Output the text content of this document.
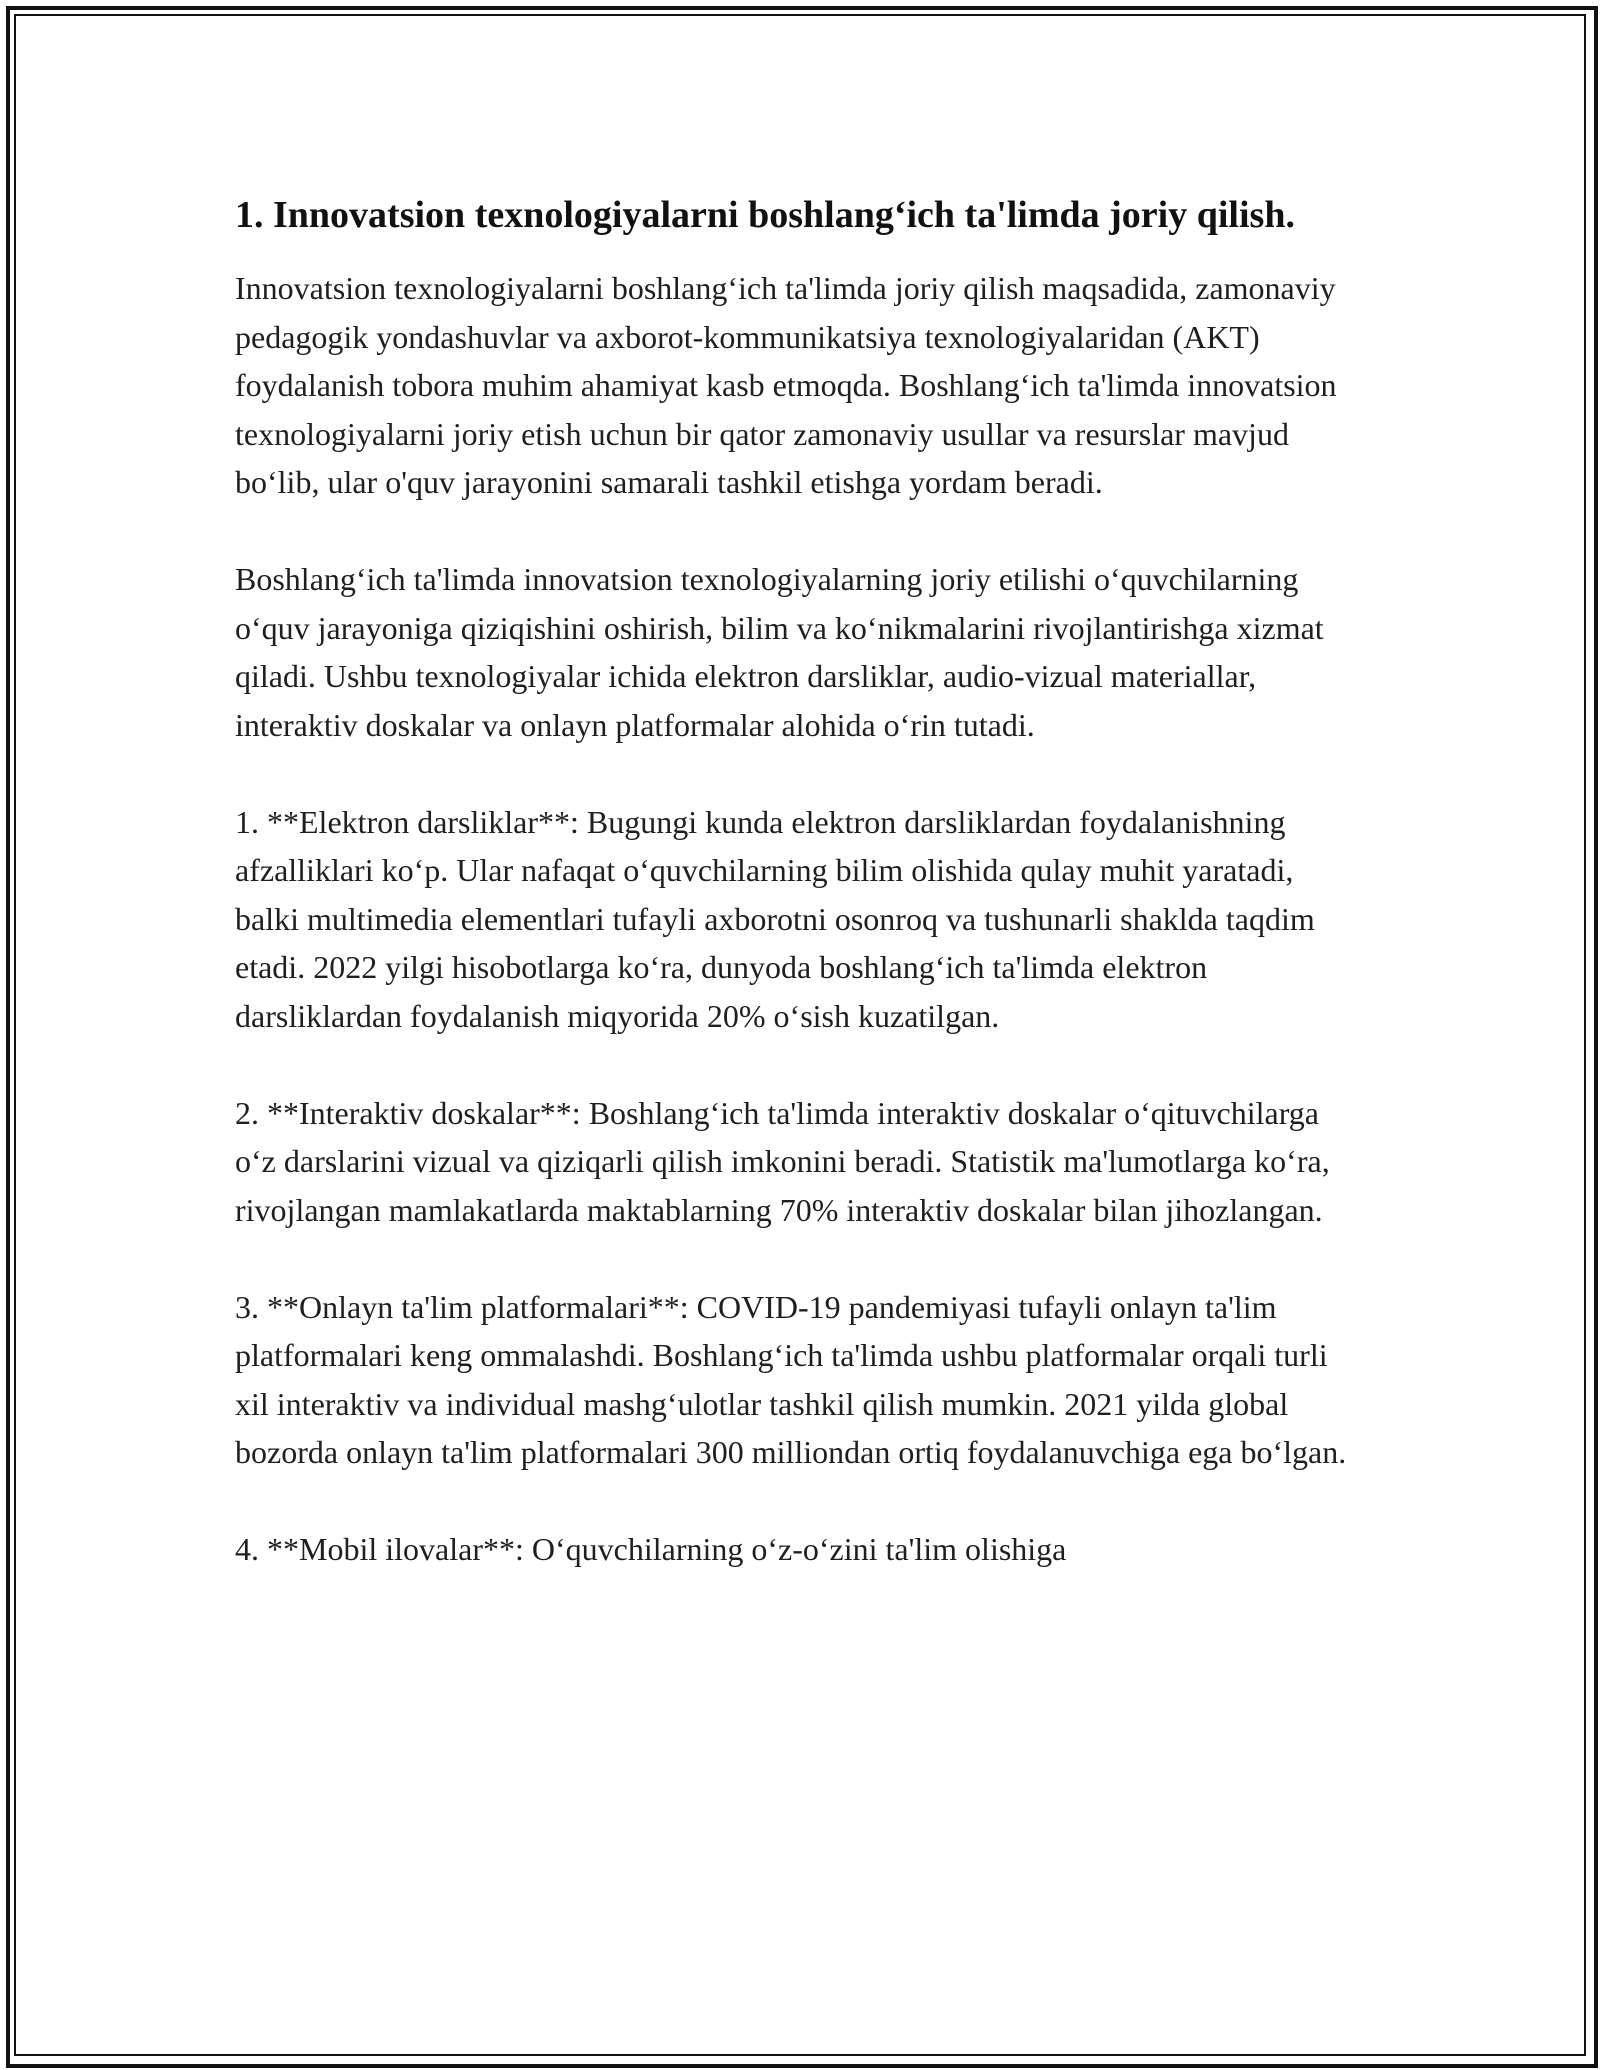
1. Innovatsion texnologiyalarni boshlang‘ich ta'limda joriy qilish.

Innovatsion texnologiyalarni boshlang‘ich ta'limda joriy qilish maqsadida, zamonaviy pedagogik yondashuvlar va axborot-kommunikatsiya texnologiyalaridan (AKT) foydalanish tobora muhim ahamiyat kasb etmoqda. Boshlang‘ich ta'limda innovatsion texnologiyalarni joriy etish uchun bir qator zamonaviy usullar va resurslar mavjud bo‘lib, ular o'quv jarayonini samarali tashkil etishga yordam beradi.

Boshlang‘ich ta'limda innovatsion texnologiyalarning joriy etilishi o‘quvchilarning o‘quv jarayoniga qiziqishini oshirish, bilim va ko‘nikmalarini rivojlantirishga xizmat qiladi. Ushbu texnologiyalar ichida elektron darsliklar, audio-vizual materiallar, interaktiv doskalar va onlayn platformalar alohida o‘rin tutadi.

1. **Elektron darsliklar**: Bugungi kunda elektron darsliklardan foydalanishning afzalliklari ko‘p. Ular nafaqat o‘quvchilarning bilim olishida qulay muhit yaratadi, balki multimedia elementlari tufayli axborotni osonroq va tushunarli shaklda taqdim etadi. 2022 yilgi hisobotlarga ko‘ra, dunyoda boshlang‘ich ta'limda elektron darsliklardan foydalanish miqyorida 20% o‘sish kuzatilgan.

2. **Interaktiv doskalar**: Boshlang‘ich ta'limda interaktiv doskalar o‘qituvchilarga o‘z darslarini vizual va qiziqarli qilish imkonini beradi. Statistik ma'lumotlarga ko‘ra, rivojlangan mamlakatlarda maktablarning 70% interaktiv doskalar bilan jihozlangan.

3. **Onlayn ta'lim platformalari**: COVID-19 pandemiyasi tufayli onlayn ta'lim platformalari keng ommalashdi. Boshlang‘ich ta'limda ushbu platformalar orqali turli xil interaktiv va individual mashg‘ulotlar tashkil qilish mumkin. 2021 yilda global bozorda onlayn ta'lim platformalari 300 milliondan ortiq foydalanuvchiga ega bo‘lgan.

4. **Mobil ilovalar**: O‘quvchilarning o‘z-o‘zini ta'lim olishiga
